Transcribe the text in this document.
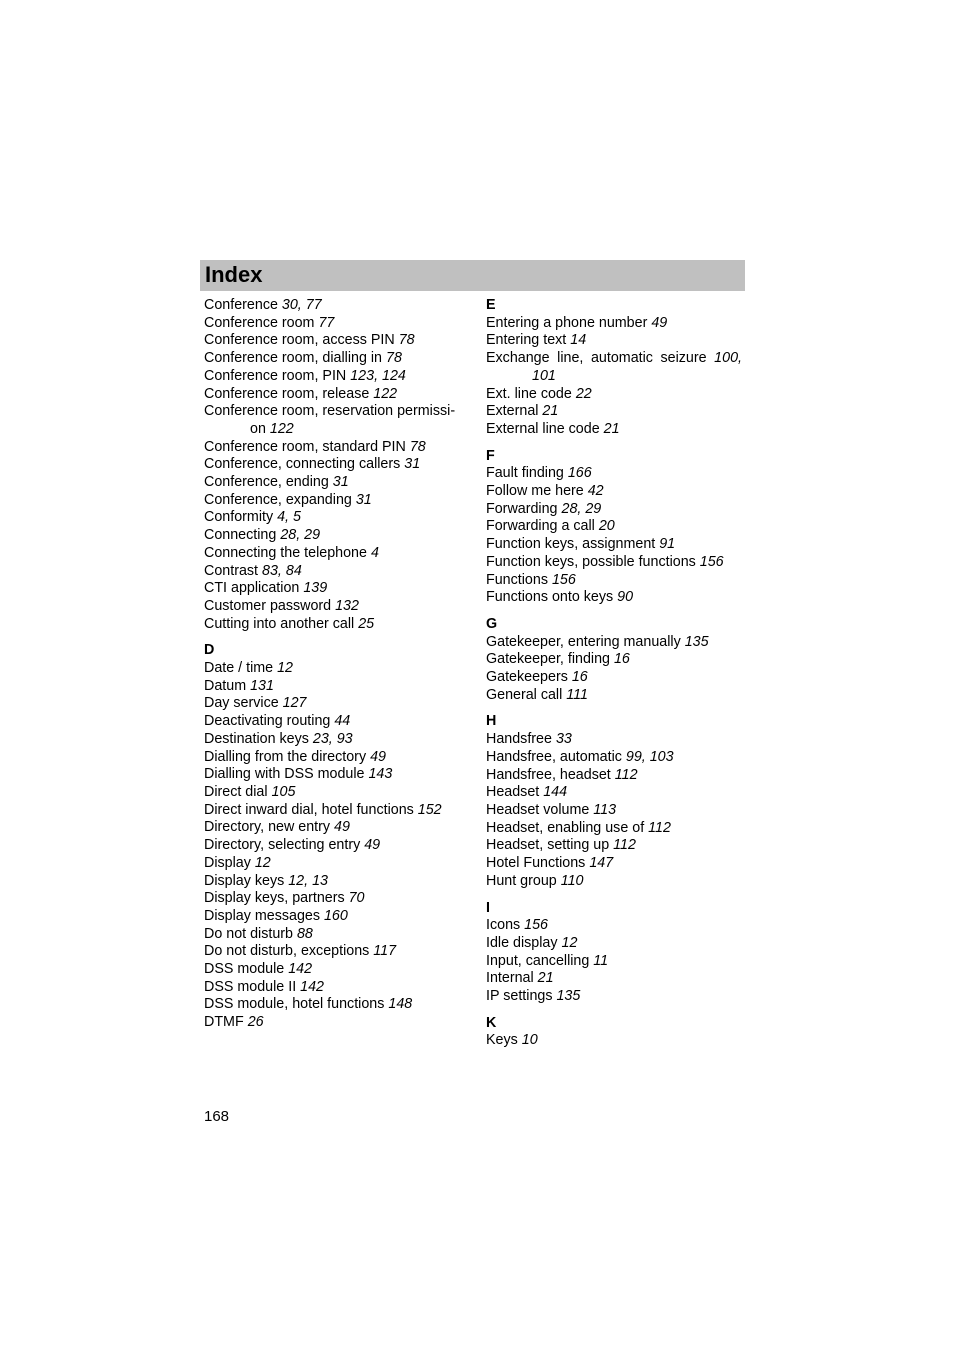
Index
Conference 30, 77
Conference room 77
Conference room, access PIN 78
Conference room, dialling in 78
Conference room, PIN 123, 124
Conference room, release 122
Conference room, reservation permissi-
on 122
Conference room, standard PIN 78
Conference, connecting callers 31
Conference, ending 31
Conference, expanding 31
Conformity 4, 5
Connecting 28, 29
Connecting the telephone 4
Contrast 83, 84
CTI application 139
Customer password 132
Cutting into another call 25
D
Date / time 12
Datum 131
Day service 127
Deactivating routing 44
Destination keys 23, 93
Dialling from the directory 49
Dialling with DSS module 143
Direct dial 105
Direct inward dial, hotel functions 152
Directory, new entry 49
Directory, selecting entry 49
Display 12
Display keys 12, 13
Display keys, partners 70
Display messages 160
Do not disturb 88
Do not disturb, exceptions 117
DSS module 142
DSS module II 142
DSS module, hotel functions 148
DTMF 26
E
Entering a phone number 49
Entering text 14
Exchange line, automatic seizure 100,
101
Ext. line code 22
External 21
External line code 21
F
Fault finding 166
Follow me here 42
Forwarding 28, 29
Forwarding a call 20
Function keys, assignment 91
Function keys, possible functions 156
Functions 156
Functions onto keys 90
G
Gatekeeper, entering manually 135
Gatekeeper, finding 16
Gatekeepers 16
General call 111
H
Handsfree 33
Handsfree, automatic 99, 103
Handsfree, headset 112
Headset 144
Headset volume 113
Headset, enabling use of 112
Headset, setting up 112
Hotel Functions 147
Hunt group 110
I
Icons 156
Idle display 12
Input, cancelling 11
Internal 21
IP settings 135
K
Keys 10
168
